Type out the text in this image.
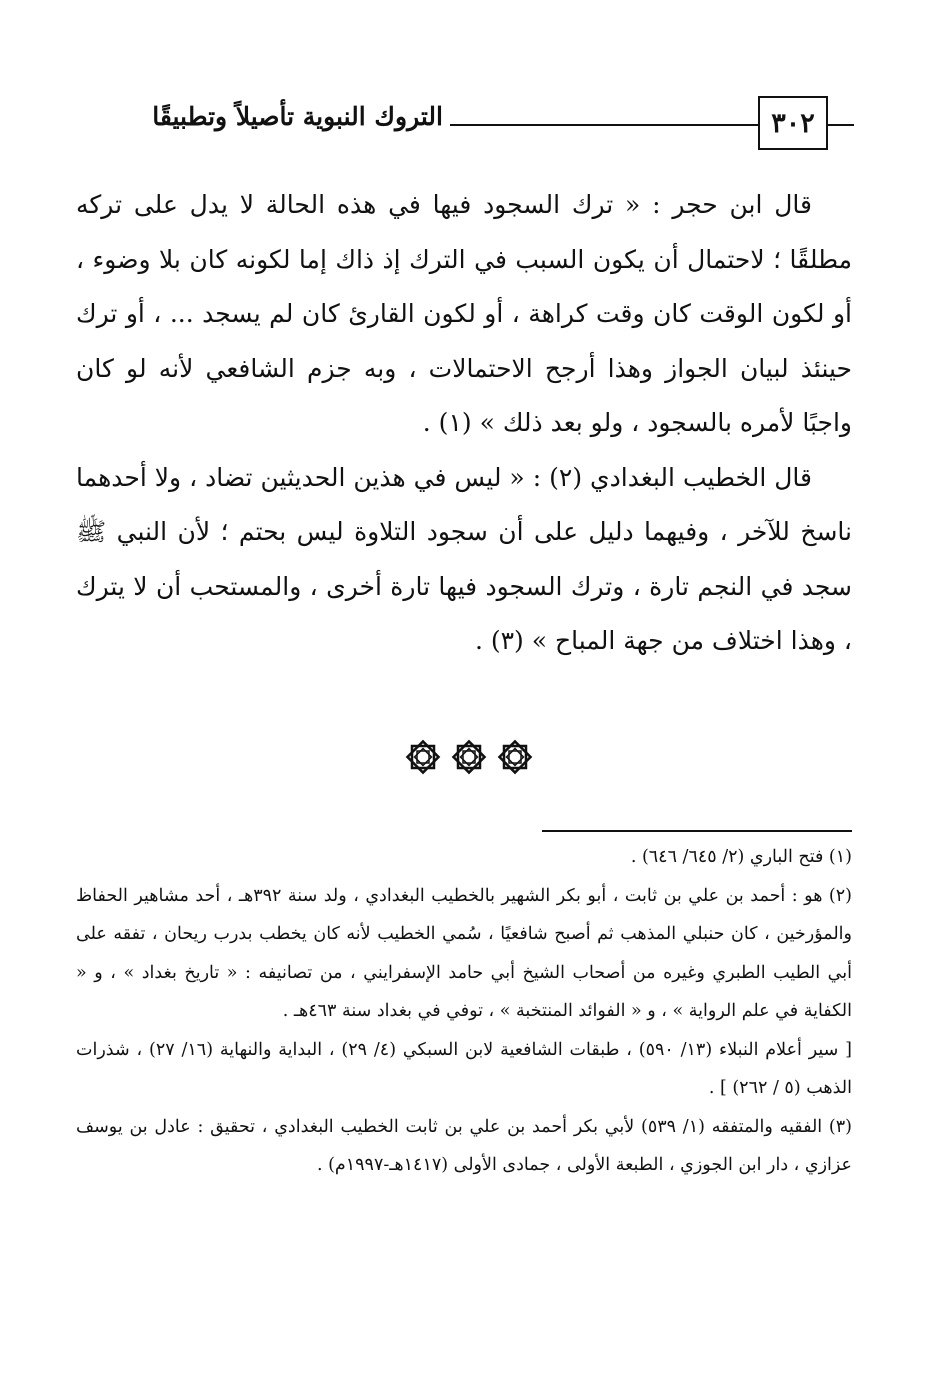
٣٠٢
التروك النبوية تأصيلاً وتطبيقًا

قال ابن حجر : « ترك السجود فيها في هذه الحالة لا يدل على تركه مطلقًا ؛ لاحتمال أن يكون السبب في الترك إذ ذاك إما لكونه كان بلا وضوء ، أو لكون الوقت كان وقت كراهة ، أو لكون القارئ كان لم يسجد ... ، أو ترك حينئذ لبيان الجواز وهذا أرجح الاحتمالات ، وبه جزم الشافعي لأنه لو كان واجبًا لأمره بالسجود ، ولو بعد ذلك » (١) .

قال الخطيب البغدادي (٢) : « ليس في هذين الحديثين تضاد ، ولا أحدهما ناسخ للآخر ، وفيهما دليل على أن سجود التلاوة ليس بحتم ؛ لأن النبي ﷺ سجد في النجم تارة ، وترك السجود فيها تارة أخرى ، والمستحب أن لا يترك ، وهذا اختلاف من جهة المباح » (٣) .

(١) فتح الباري (٢/ ٦٤٥/ ٦٤٦) .

(٢) هو : أحمد بن علي بن ثابت ، أبو بكر الشهير بالخطيب البغدادي ، ولد سنة ٣٩٢هـ ، أحد مشاهير الحفاظ والمؤرخين ، كان حنبلي المذهب ثم أصبح شافعيًا ، سُمي الخطيب لأنه كان يخطب بدرب ريحان ، تفقه على أبي الطيب الطبري وغيره من أصحاب الشيخ أبي حامد الإسفرايني ، من تصانيفه : « تاريخ بغداد » ، و « الكفاية في علم الرواية » ، و « الفوائد المنتخبة » ، توفي في بغداد سنة ٤٦٣هـ .

[ سير أعلام النبلاء (١٣/ ٥٩٠) ، طبقات الشافعية لابن السبكي (٤/ ٢٩) ، البداية والنهاية (١٦/ ٢٧) ، شذرات الذهب (٥ / ٢٦٢) ] .

(٣) الفقيه والمتفقه (١/ ٥٣٩) لأبي بكر أحمد بن علي بن ثابت الخطيب البغدادي ، تحقيق : عادل بن يوسف عزازي ، دار ابن الجوزي ، الطبعة الأولى ، جمادى الأولى (١٤١٧هـ-١٩٩٧م) .
